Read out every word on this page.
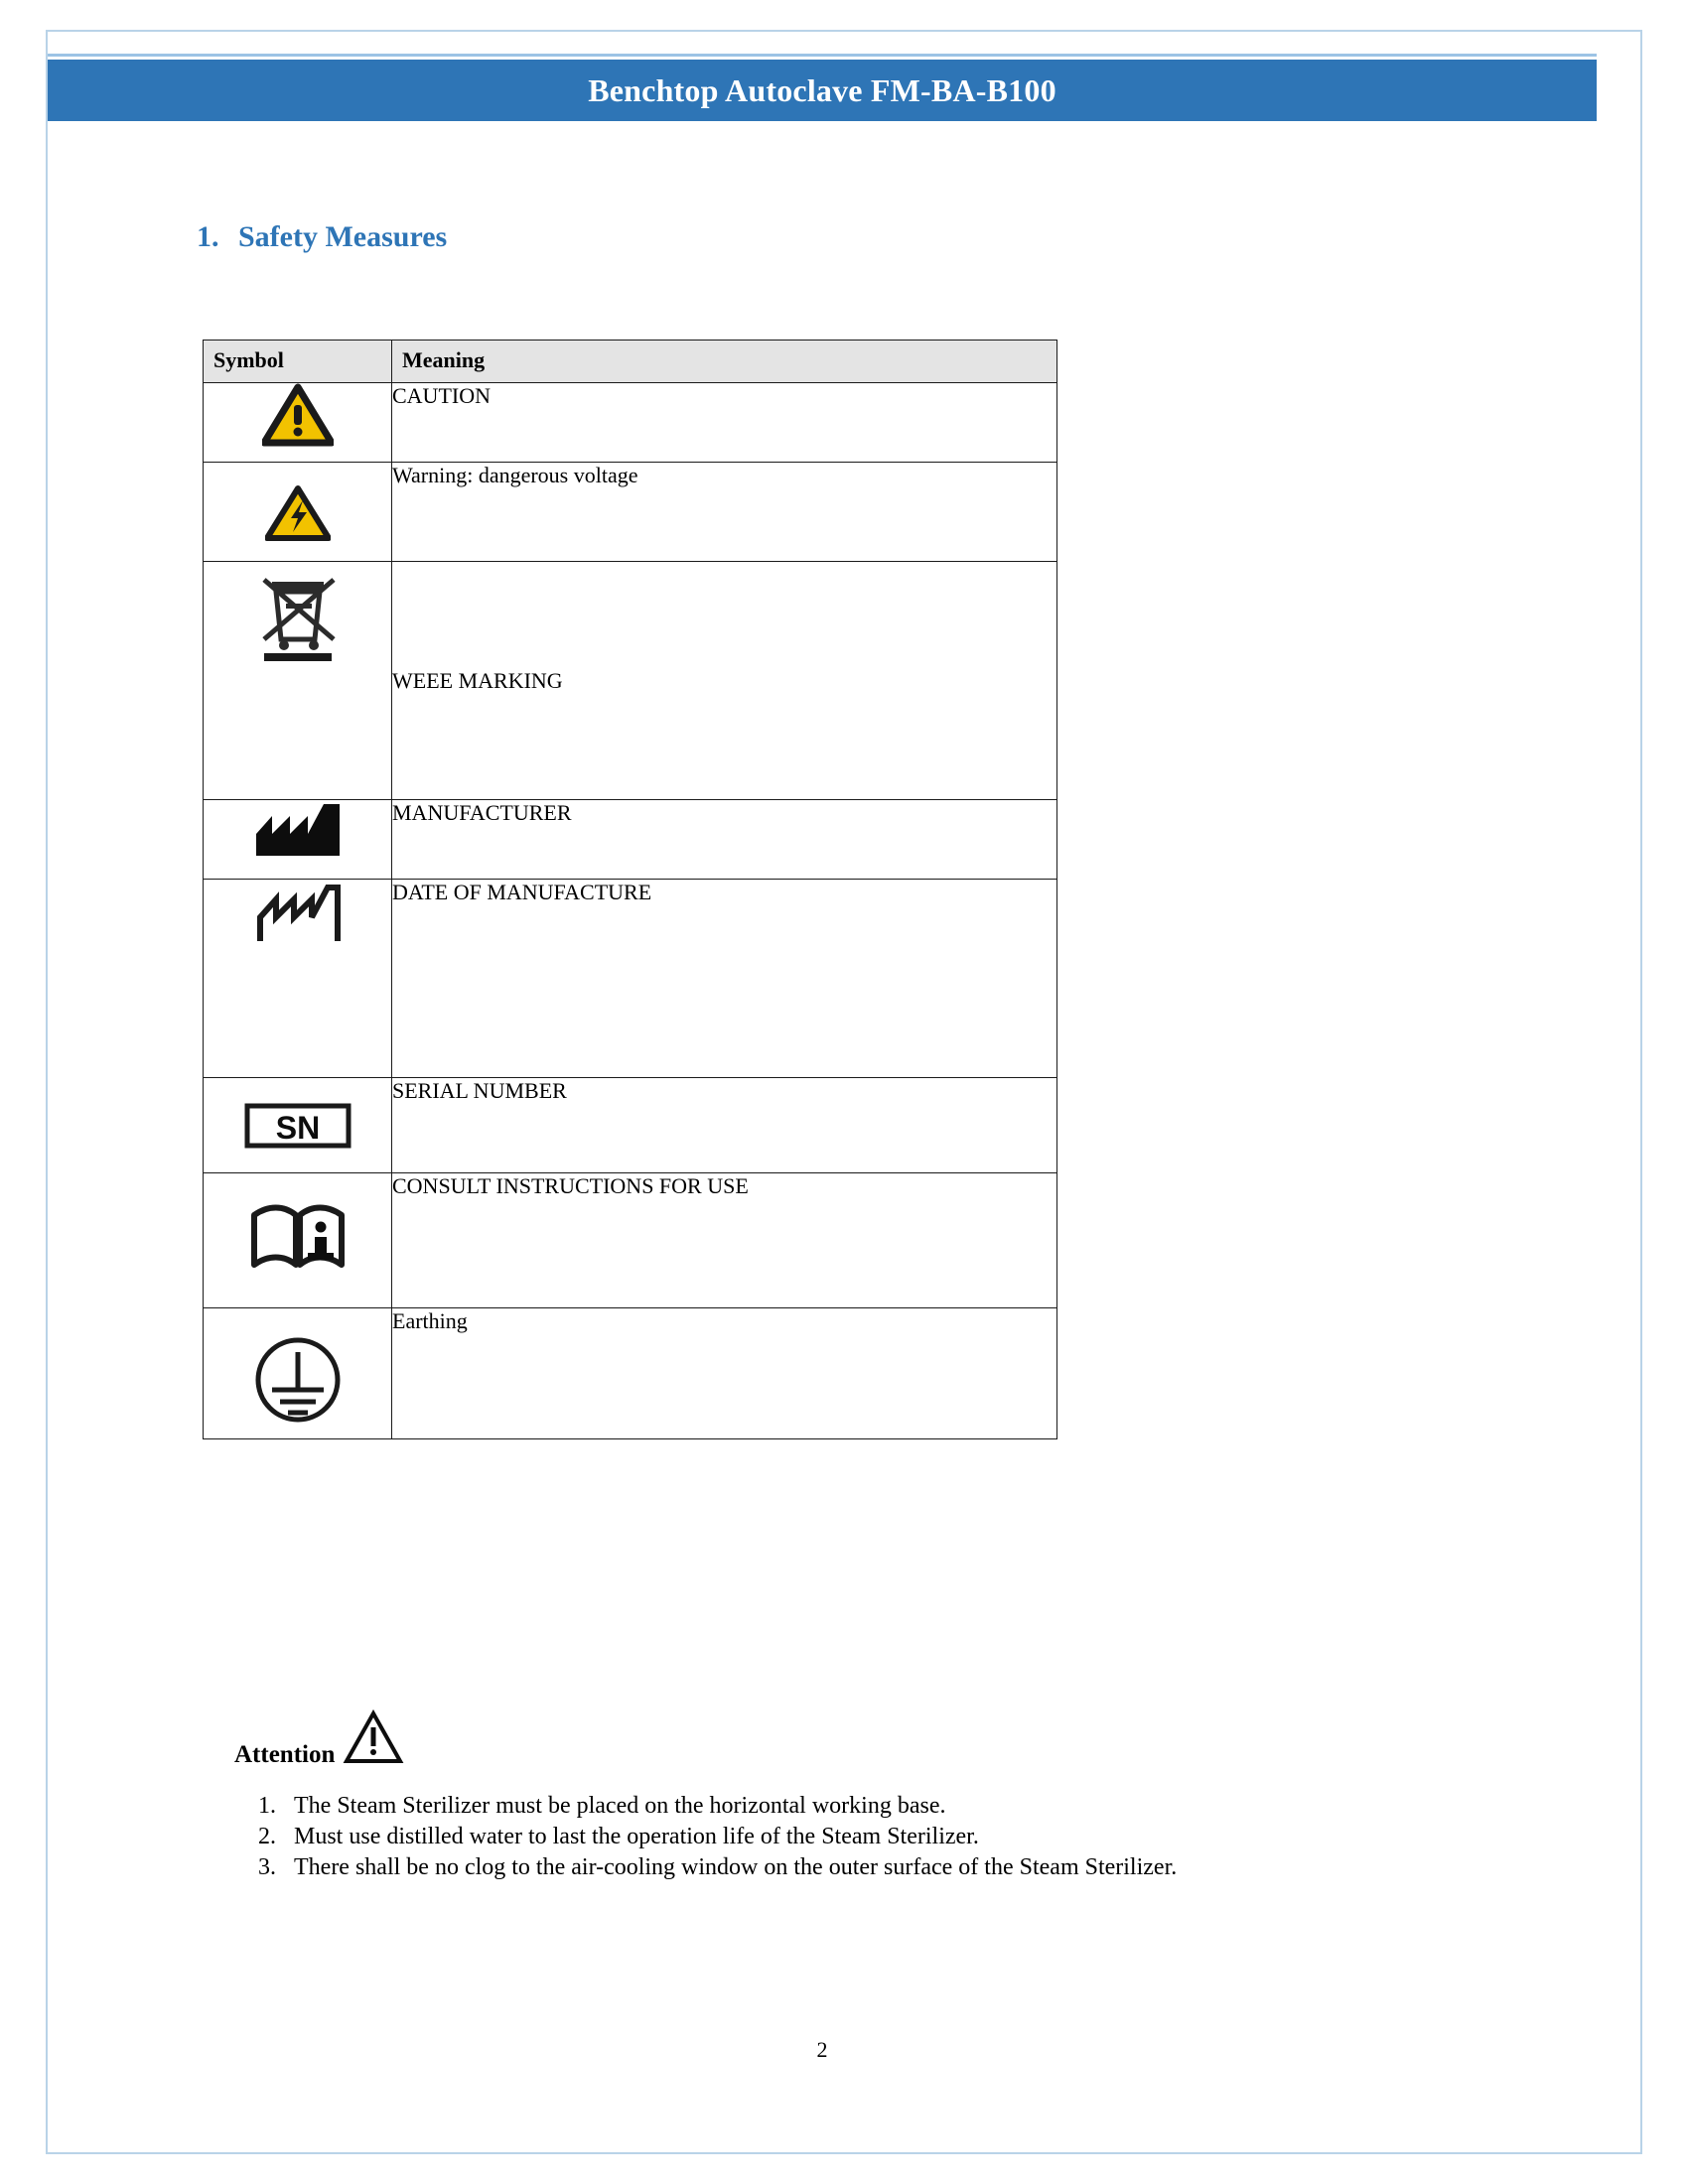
Benchtop Autoclave FM-BA-B100
1. Safety Measures
Symbol	Meaning

	CAUTION

	Warning: dangerous voltage

	WEEE MARKING

	MANUFACTURER

	DATE OF MANUFACTURE

SN	SERIAL NUMBER

	CONSULT INSTRUCTIONS FOR USE

	Earthing
Attention
1. The Steam Sterilizer must be placed on the horizontal working base.
2. Must use distilled water to last the operation life of the Steam Sterilizer.
3. There shall be no clog to the air-cooling window on the outer surface of the Steam Sterilizer.
2
